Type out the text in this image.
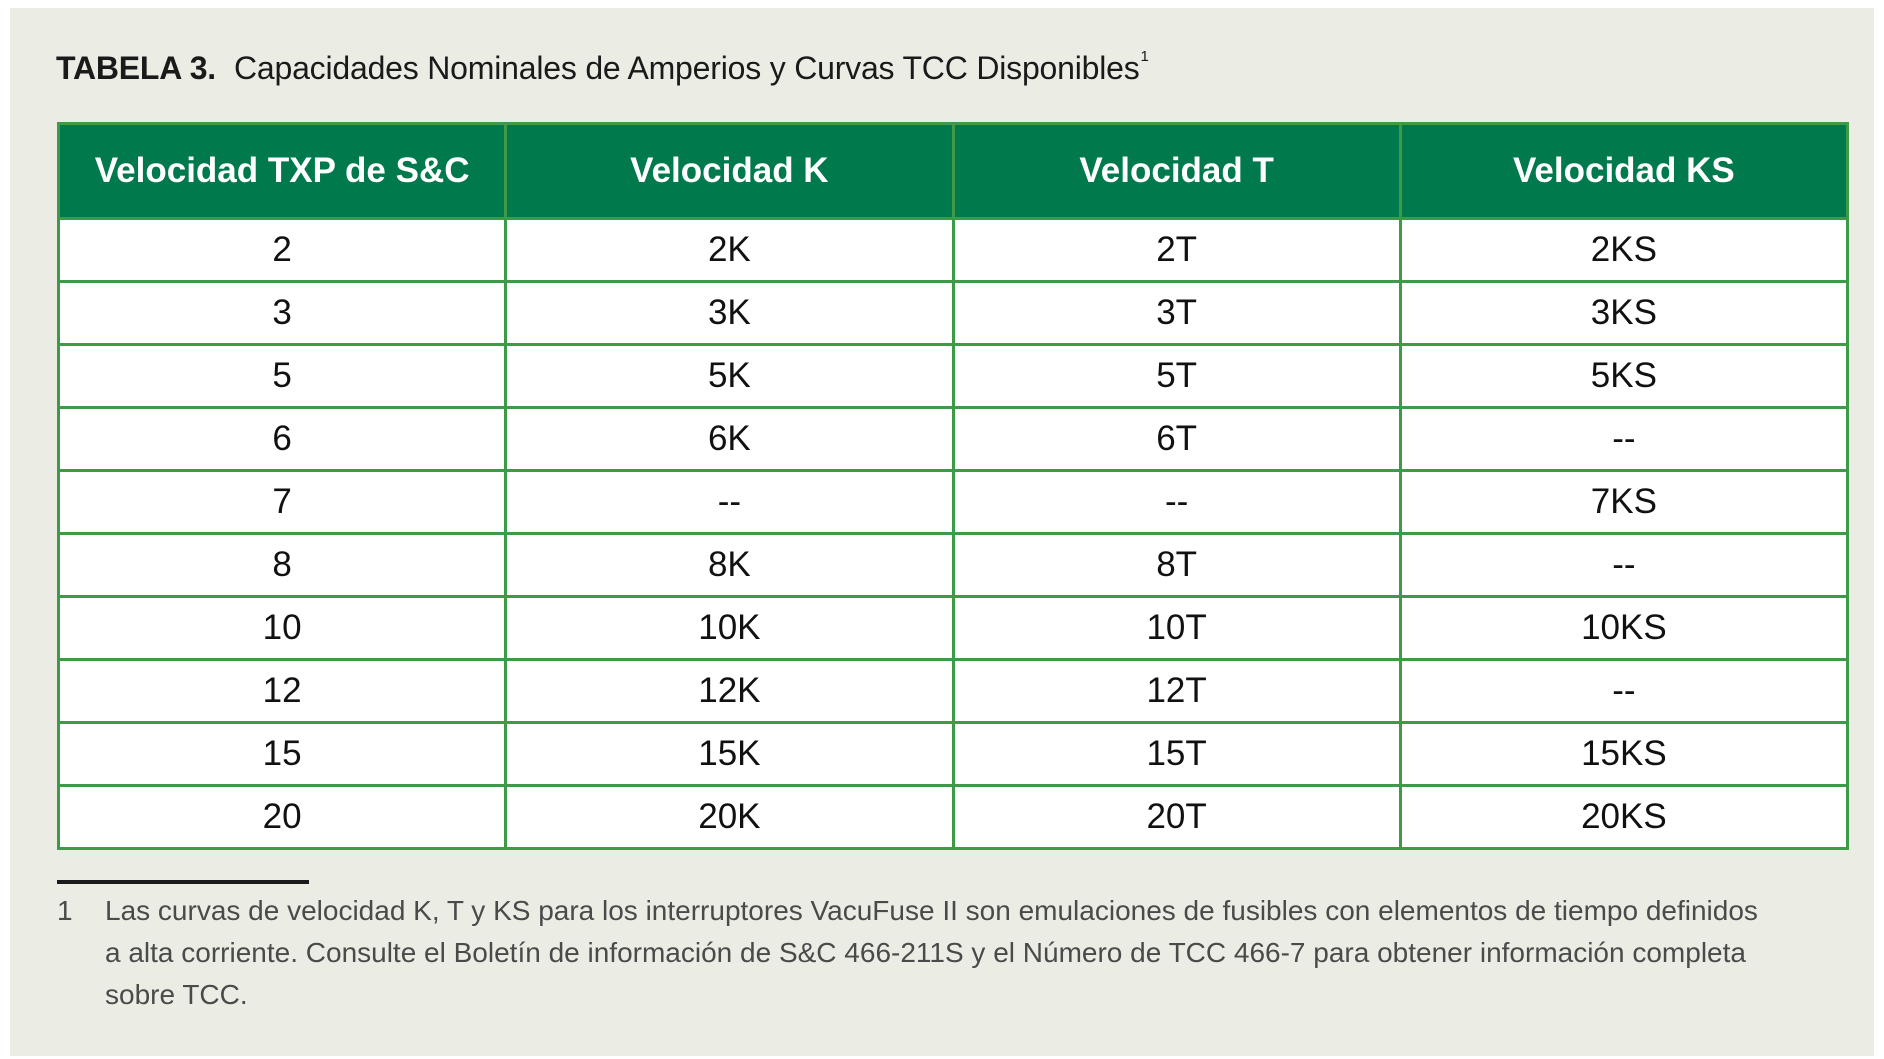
TABELA 3. Capacidades Nominales de Amperios y Curvas TCC Disponibles$^1$
Velocidad TXP de S&C	Velocidad K	Velocidad T	Velocidad KS
2	2K	2T	2KS
3	3K	3T	3KS
5	5K	5T	5KS
6	6K	6T	--
7	--	--	7KS
8	8K	8T	--
10	10K	10T	10KS
12	12K	12T	--
15	15K	15T	15KS
20	20K	20T	20KS
1	Las curvas de velocidad K, T y KS para los interruptores VacuFuse II son emulaciones de fusibles con elementos de tiempo definidos a alta corriente. Consulte el Boletín de información de S&C 466-211S y el Número de TCC 466-7 para obtener información completa sobre TCC.
